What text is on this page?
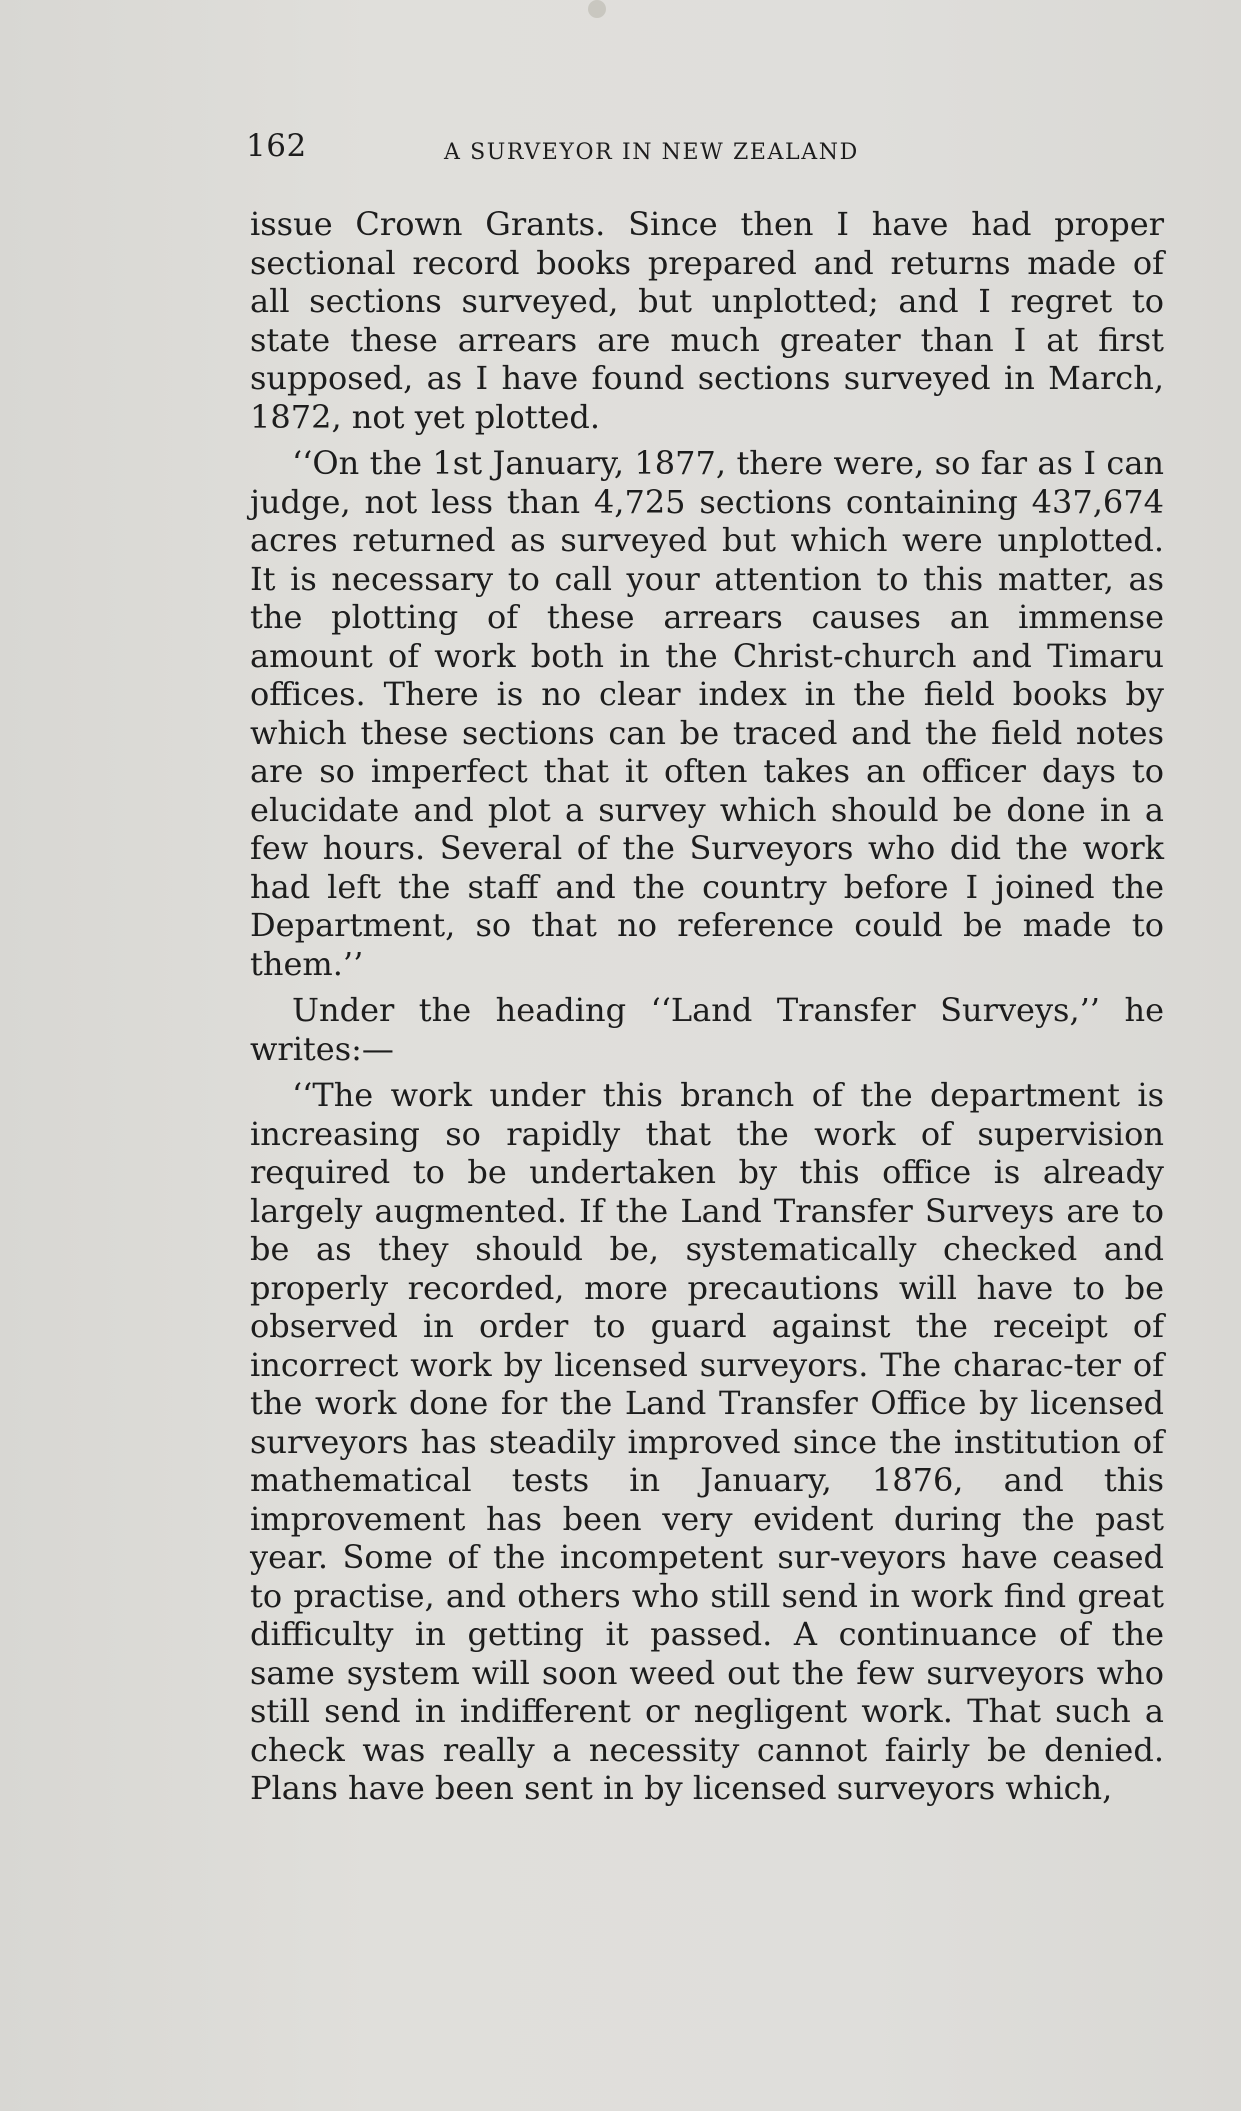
162	A SURVEYOR IN NEW ZEALAND

issue Crown Grants. Since then I have had proper sectional record books prepared and returns made of all sections surveyed, but unplotted; and I regret to state these arrears are much greater than I at first supposed, as I have found sections surveyed in March, 1872, not yet plotted.

‘‘On the 1st January, 1877, there were, so far as I can judge, not less than 4,725 sections containing 437,674 acres returned as surveyed but which were unplotted. It is necessary to call your attention to this matter, as the plotting of these arrears causes an immense amount of work both in the Christ-church and Timaru offices. There is no clear index in the field books by which these sections can be traced and the field notes are so imperfect that it often takes an officer days to elucidate and plot a survey which should be done in a few hours. Several of the Surveyors who did the work had left the staff and the country before I joined the Department, so that no reference could be made to them.’’

Under the heading ‘‘Land Transfer Surveys,’’ he writes:—

‘‘The work under this branch of the department is increasing so rapidly that the work of supervision required to be undertaken by this office is already largely augmented. If the Land Transfer Surveys are to be as they should be, systematically checked and properly recorded, more precautions will have to be observed in order to guard against the receipt of incorrect work by licensed surveyors. The charac-ter of the work done for the Land Transfer Office by licensed surveyors has steadily improved since the institution of mathematical tests in January, 1876, and this improvement has been very evident during the past year. Some of the incompetent sur-veyors have ceased to practise, and others who still send in work find great difficulty in getting it passed. A continuance of the same system will soon weed out the few surveyors who still send in indifferent or negligent work. That such a check was really a necessity cannot fairly be denied. Plans have been sent in by licensed surveyors which,
